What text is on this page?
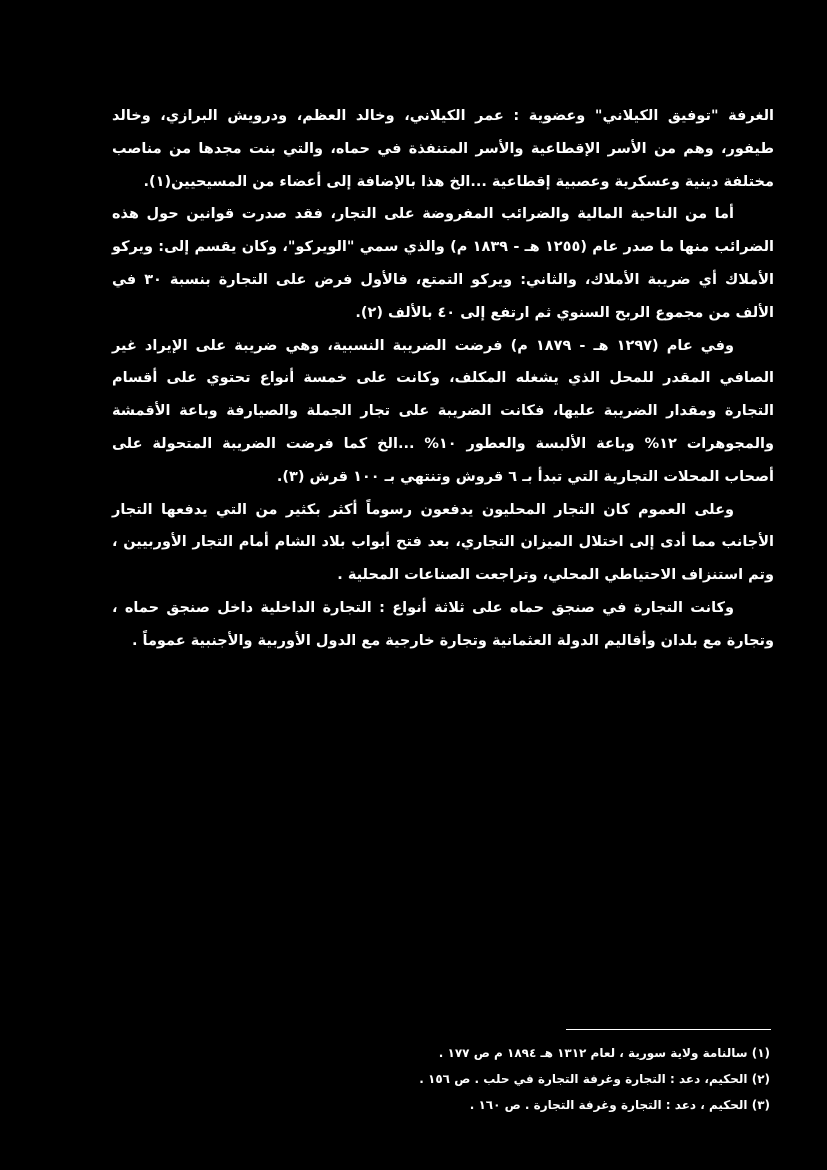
الغرفة "توفيق الكيلاني" وعضوية : عمر الكيلاني، وخالد العظم، ودرويش البرازي، وخالد طيفور، وهم من الأسر الإقطاعية والأسر المتنفذة في حماه، والتي بنت مجدها من مناصب مختلفة دينية وعسكرية وعصبية إقطاعية ...الخ هذا بالإضافة إلى أعضاء من المسيحيين(١).

أما من الناحية المالية والضرائب المفروضة على التجار، فقد صدرت قوانين حول هذه الضرائب منها ما صدر عام (١٢٥٥ هـ - ١٨٣٩ م) والذي سمي "الويركو"، وكان يقسم إلى: ويركو الأملاك أي ضريبة الأملاك، والثاني: ويركو التمتع، فالأول فرض على التجارة بنسبة ٣٠ في الألف من مجموع الربح السنوي ثم ارتفع إلى ٤٠ بالألف (٢).

وفي عام (١٢٩٧ هـ - ١٨٧٩ م) فرضت الضريبة النسبية، وهي ضريبة على الإيراد غير الصافي المقدر للمحل الذي يشغله المكلف، وكانت على خمسة أنواع تحتوي على أقسام التجارة ومقدار الضريبة عليها، فكانت الضريبة على تجار الجملة والصيارفة وباعة الأقمشة والمجوهرات ١٢% وباعة الألبسة والعطور ١٠% ...الخ كما فرضت الضريبة المتحولة على أصحاب المحلات التجارية التي تبدأ بـ ٦ قروش وتنتهي بـ ١٠٠ قرش (٣).

وعلى العموم كان التجار المحليون يدفعون رسوماً أكثر بكثير من التي يدفعها التجار الأجانب مما أدى إلى اختلال الميزان التجاري، بعد فتح أبواب بلاد الشام أمام التجار الأوربيين ، وتم استنزاف الاحتياطي المحلي، وتراجعت الصناعات المحلية .

وكانت التجارة في صنجق حماه على ثلاثة أنواع : التجارة الداخلية داخل صنجق حماه ، وتجارة مع بلدان وأقاليم الدولة العثمانية وتجارة خارجية مع الدول الأوربية والأجنبية عموماً .

(١) سالنامة ولاية سورية ، لعام ١٣١٢ هـ ١٨٩٤ م ص ١٧٧ .

(٢) الحكيم، دعد : التجارة وغرفة التجارة في حلب . ص ١٥٦ .

(٣) الحكيم ، دعد : التجارة وغرفة التجارة . ص ١٦٠ .
